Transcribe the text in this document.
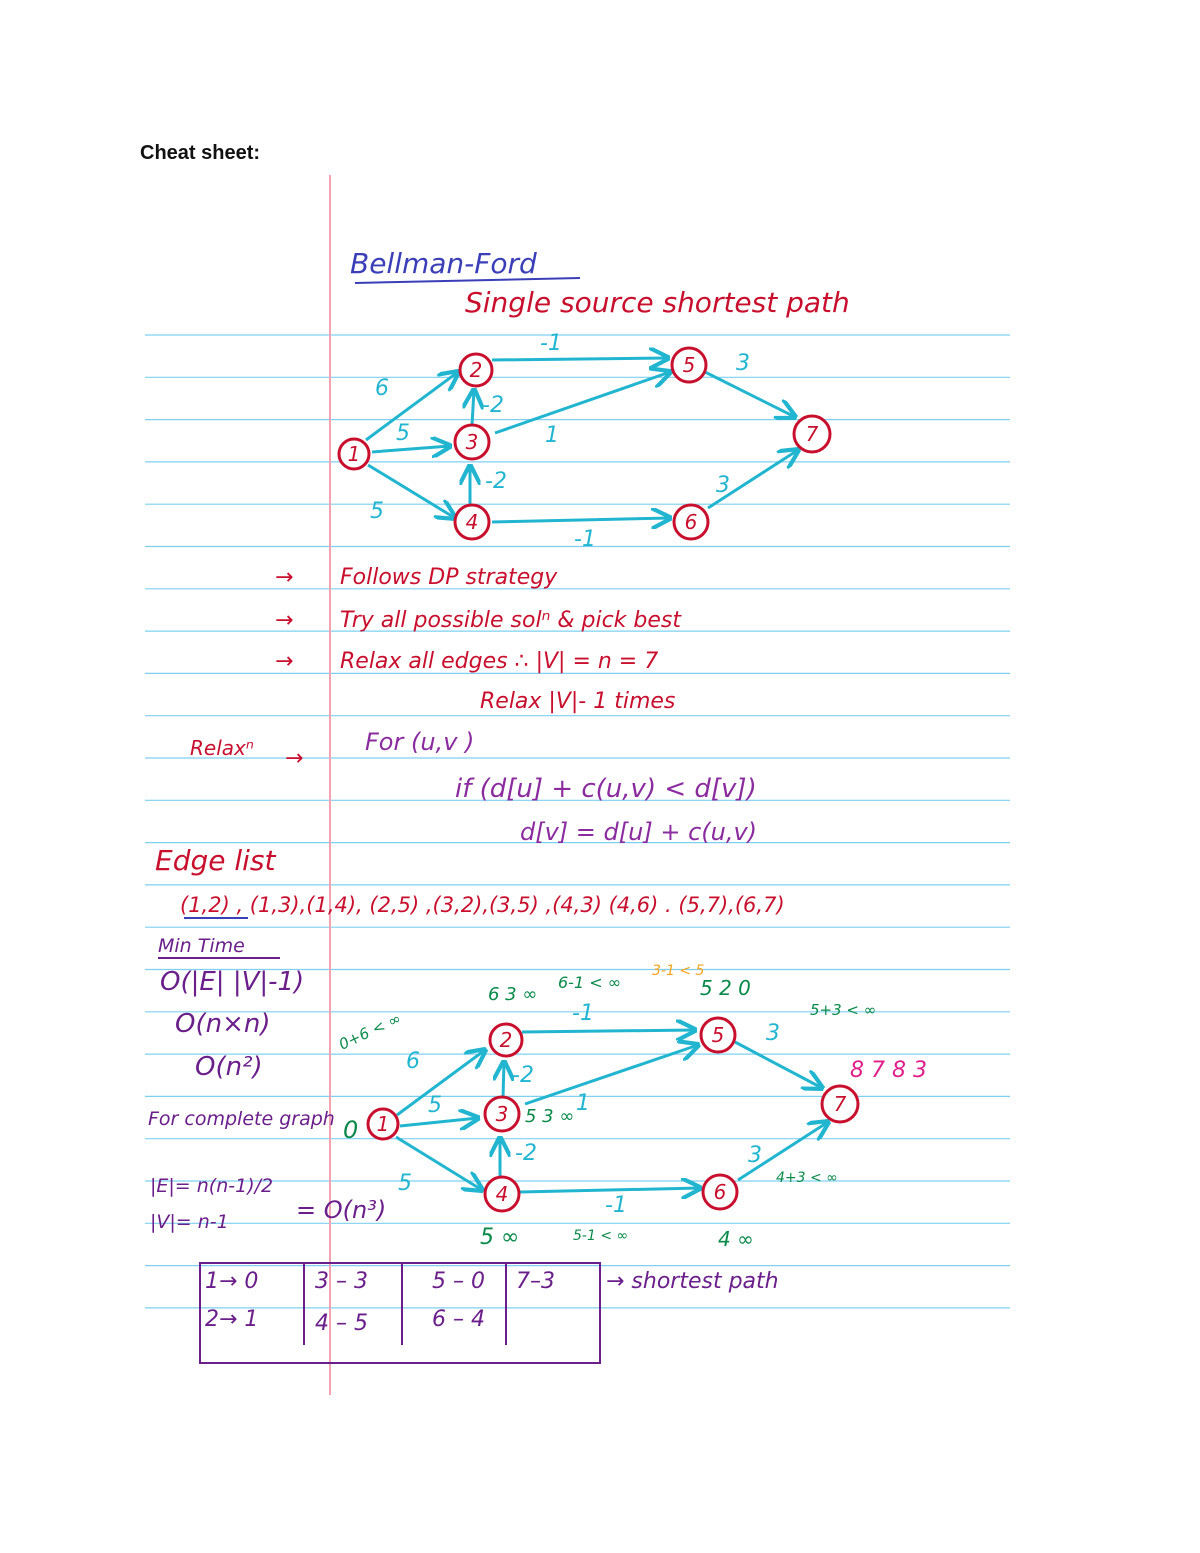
Cheat sheet:
Bellman-Ford
Single source shortest path
6
5
5
-1
-2
1
-2
-1
3
3
1
2
3
4
5
6
7
→ Follows DP strategy
→ Try all possible solⁿ & pick best
→ Relax all edges ∴ |V| = n = 7
Relax |V|- 1 times
Relaxⁿ →
For (u,v )
if (d[u] + c(u,v) < d[v])
d[v] = d[u] + c(u,v)
Edge list
(1,2) , (1,3),(1,4), (2,5) ,(3,2),(3,5) ,(4,3) (4,6) . (5,7),(6,7)
Min Time
O(|E| |V|-1)
O(n×n)
O(n²)
For complete graph
|E|= n(n-1)/2
|V|= n-1	= O(n³)
6
5
5
-1
-2
1
-2
-1
3
3
1
2
3
4
5
6
7
0
0+6 < ∞
6 3 ∞
6-1 < ∞
5 3 ∞
5 ∞	5-1 < ∞
5 2 0
3-1 < 5
5+3 < ∞
4 ∞
4+3 < ∞
8 7 8 3
1→ 0	3 – 3	5 – 0 7–3
2→ 1	4 – 5	6 – 4
→ shortest path
